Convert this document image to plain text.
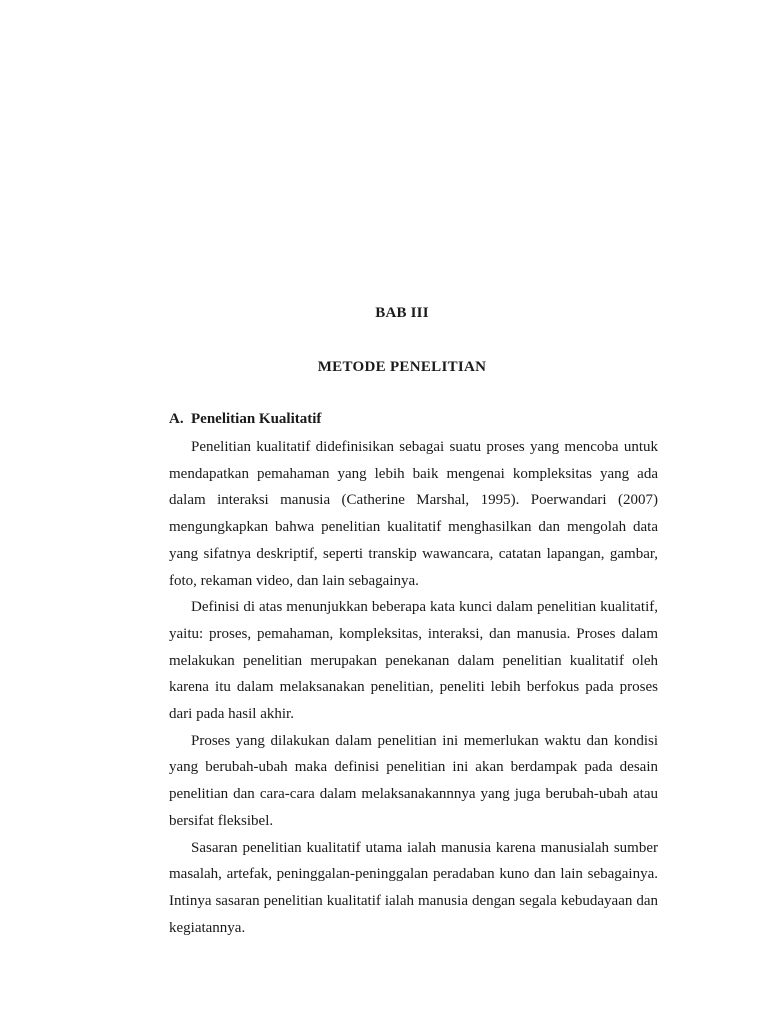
BAB III
METODE PENELITIAN
A. Penelitian Kualitatif

Penelitian kualitatif didefinisikan sebagai suatu proses yang mencoba untuk mendapatkan pemahaman yang lebih baik mengenai kompleksitas yang ada dalam interaksi manusia (Catherine Marshal, 1995). Poerwandari (2007) mengungkapkan bahwa penelitian kualitatif menghasilkan dan mengolah data yang sifatnya deskriptif, seperti transkip wawancara, catatan lapangan, gambar, foto, rekaman video, dan lain sebagainya.

Definisi di atas menunjukkan beberapa kata kunci dalam penelitian kualitatif, yaitu: proses, pemahaman, kompleksitas, interaksi, dan manusia. Proses dalam melakukan penelitian merupakan penekanan dalam penelitian kualitatif oleh karena itu dalam melaksanakan penelitian, peneliti lebih berfokus pada proses dari pada hasil akhir.

Proses yang dilakukan dalam penelitian ini memerlukan waktu dan kondisi yang berubah-ubah maka definisi penelitian ini akan berdampak pada desain penelitian dan cara-cara dalam melaksanakannnya yang juga berubah-ubah atau bersifat fleksibel.

Sasaran penelitian kualitatif utama ialah manusia karena manusialah sumber masalah, artefak, peninggalan-peninggalan peradaban kuno dan lain sebagainya. Intinya sasaran penelitian kualitatif ialah manusia dengan segala kebudayaan dan kegiatannya.
